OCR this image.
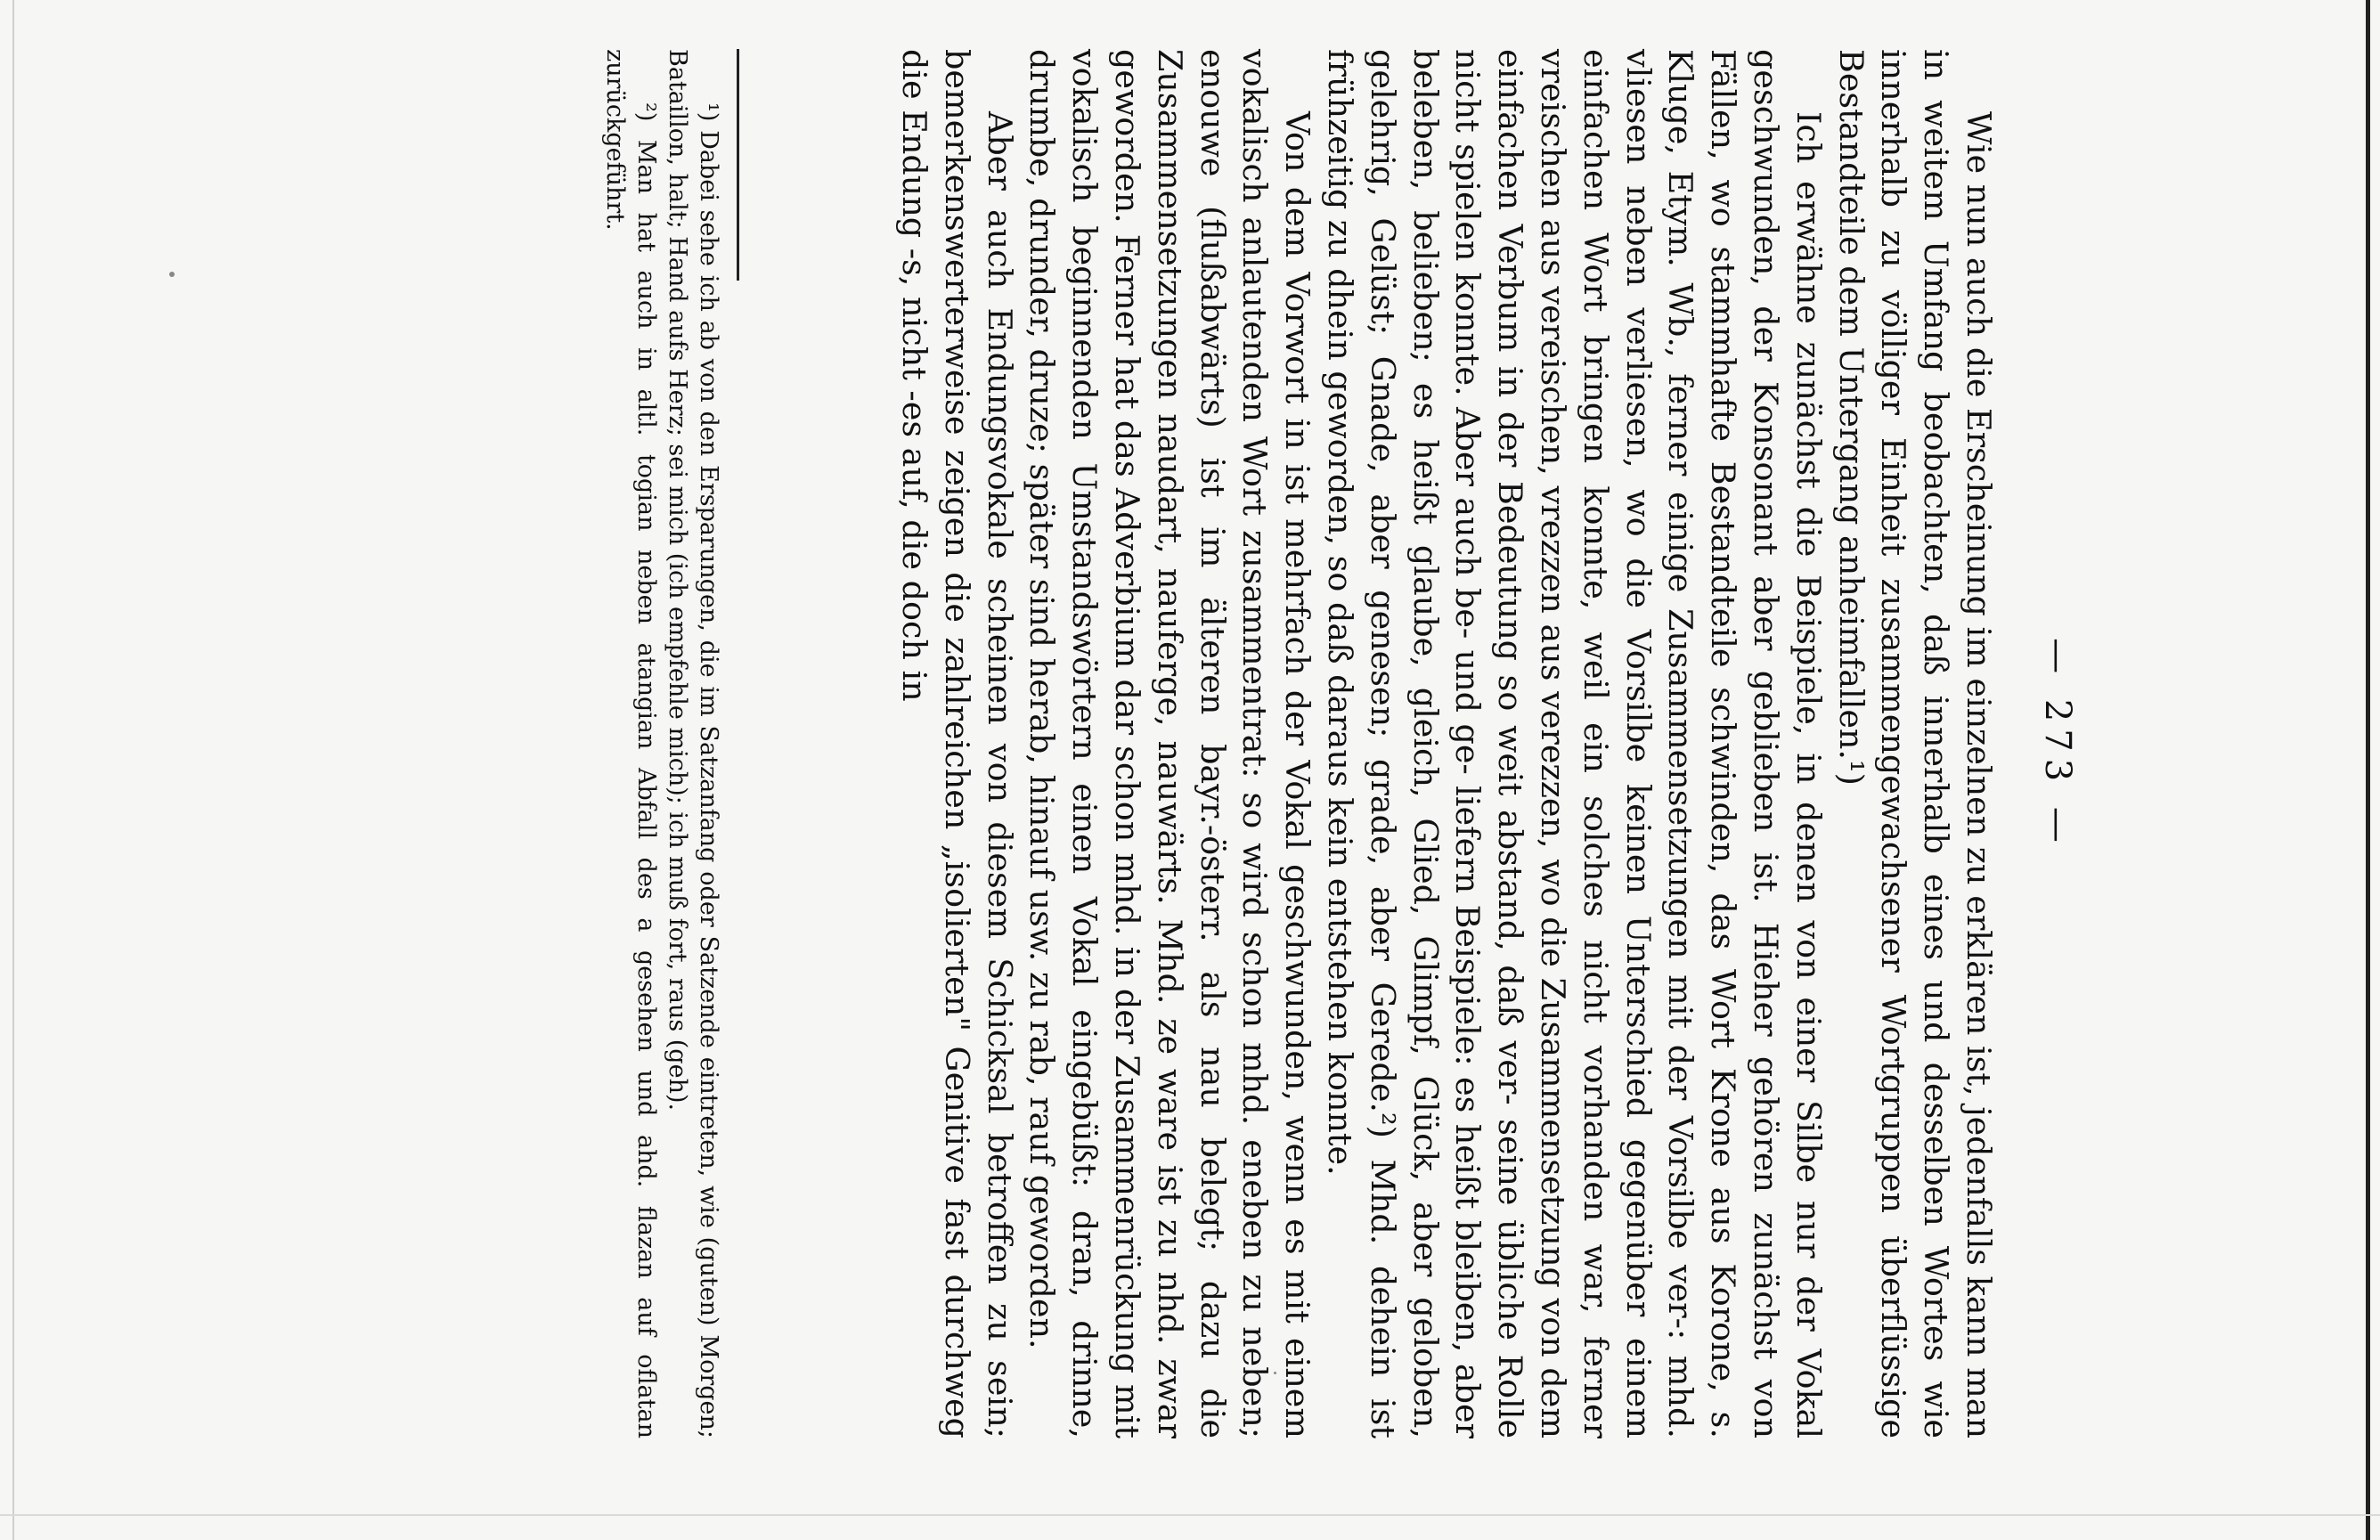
— 273 —

Wie nun auch die Erscheinung im einzelnen zu erklären ist, jedenfalls kann man in weitem Umfang beobachten, daß innerhalb eines und desselben Wortes wie innerhalb zu völliger Einheit zusammengewachsener Wortgruppen überflüssige Bestandteile dem Untergang anheimfallen.¹)

Ich erwähne zunächst die Beispiele, in denen von einer Silbe nur der Vokal geschwunden, der Konsonant aber geblieben ist. Hieher gehören zunächst von Fällen, wo stammhafte Bestandteile schwinden, das Wort Krone aus Korone, s. Kluge, Etym. Wb., ferner einige Zusammensetzungen mit der Vorsilbe ver-: mhd. vliesen neben verliesen, wo die Vorsilbe keinen Unterschied gegenüber einem einfachen Wort bringen konnte, weil ein solches nicht vorhanden war, ferner vreischen aus vereischen, vrezzen aus verezzen, wo die Zusammensetzung von dem einfachen Verbum in der Bedeutung so weit abstand, daß ver- seine übliche Rolle nicht spielen konnte. Aber auch be- und ge- liefern Beispiele: es heißt bleiben, aber beleben, belieben; es heißt glaube, gleich, Glied, Glimpf, Glück, aber geloben, gelehrig, Gelüst; Gnade, aber genesen; grade, aber Gerede.²) Mhd. dehein ist frühzeitig zu dhein geworden, so daß daraus kein entstehen konnte.

Von dem Vorwort in ist mehrfach der Vokal geschwunden, wenn es mit einem vokalisch anlautenden Wort zusammentrat: so wird schon mhd. eneben zu neben; enouwe (flußabwärts) ist im älteren bayr.-österr. als nau belegt; dazu die Zusammensetzungen naudart, nauferge, nauwärts. Mhd. ze ware ist zu nhd. zwar geworden. Ferner hat das Adverbium dar schon mhd. in der Zusammenrückung mit vokalisch beginnenden Umstandswörtern einen Vokal eingebüßt: dran, drinne, drumbe, drunder, druze; später sind herab, hinauf usw. zu rab, rauf geworden.

Aber auch Endungsvokale scheinen von diesem Schicksal betroffen zu sein; bemerkenswerterweise zeigen die zahlreichen „isolierten" Genitive fast durchweg die Endung -s, nicht -es auf, die doch in

¹) Dabei sehe ich ab von den Ersparungen, die im Satzanfang oder Satzende eintreten, wie (guten) Morgen; Bataillon, halt; Hand aufs Herz; sei mich (ich empfehle mich); ich muß fort, raus (geh).

²) Man hat auch in altl. togian neben atangian Abfall des a gesehen und ahd. flazan auf oflatan zurückgeführt.
